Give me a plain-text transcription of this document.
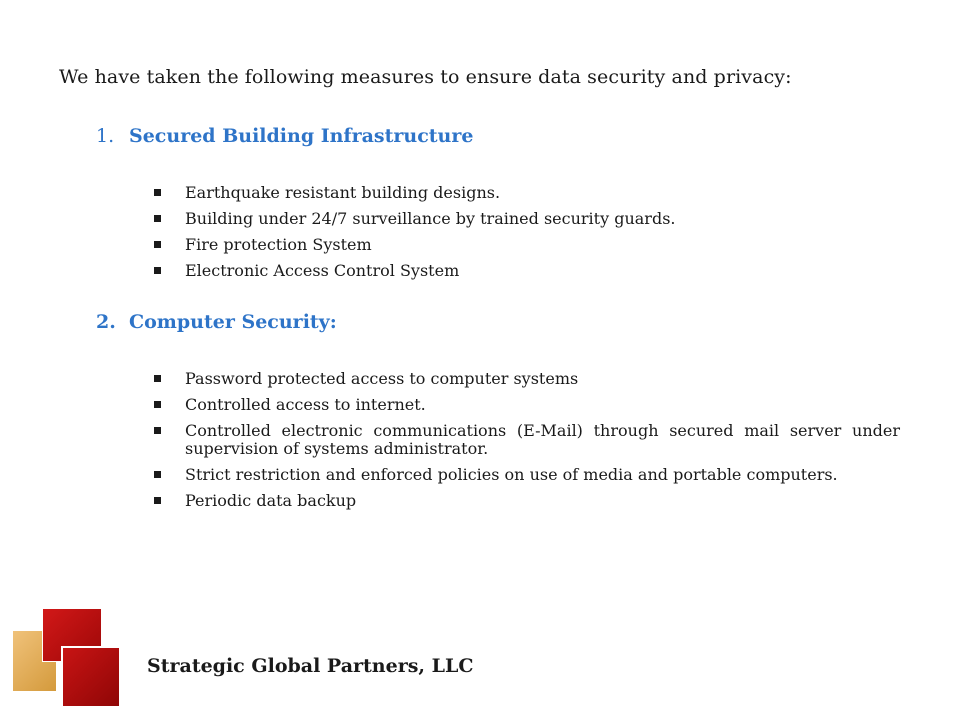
We have taken the following measures to ensure data security and privacy:
1. Secured Building Infrastructure
Earthquake resistant building designs.
Building under 24/7 surveillance by trained security guards.
Fire protection System
Electronic Access Control System
2. Computer Security:
Password protected access to computer systems
Controlled access to internet.
Controlled electronic communications (E-Mail) through secured mail server under supervision of systems administrator.
Strict restriction and enforced policies on use of media and portable computers.
Periodic data backup
Strategic Global Partners, LLC
